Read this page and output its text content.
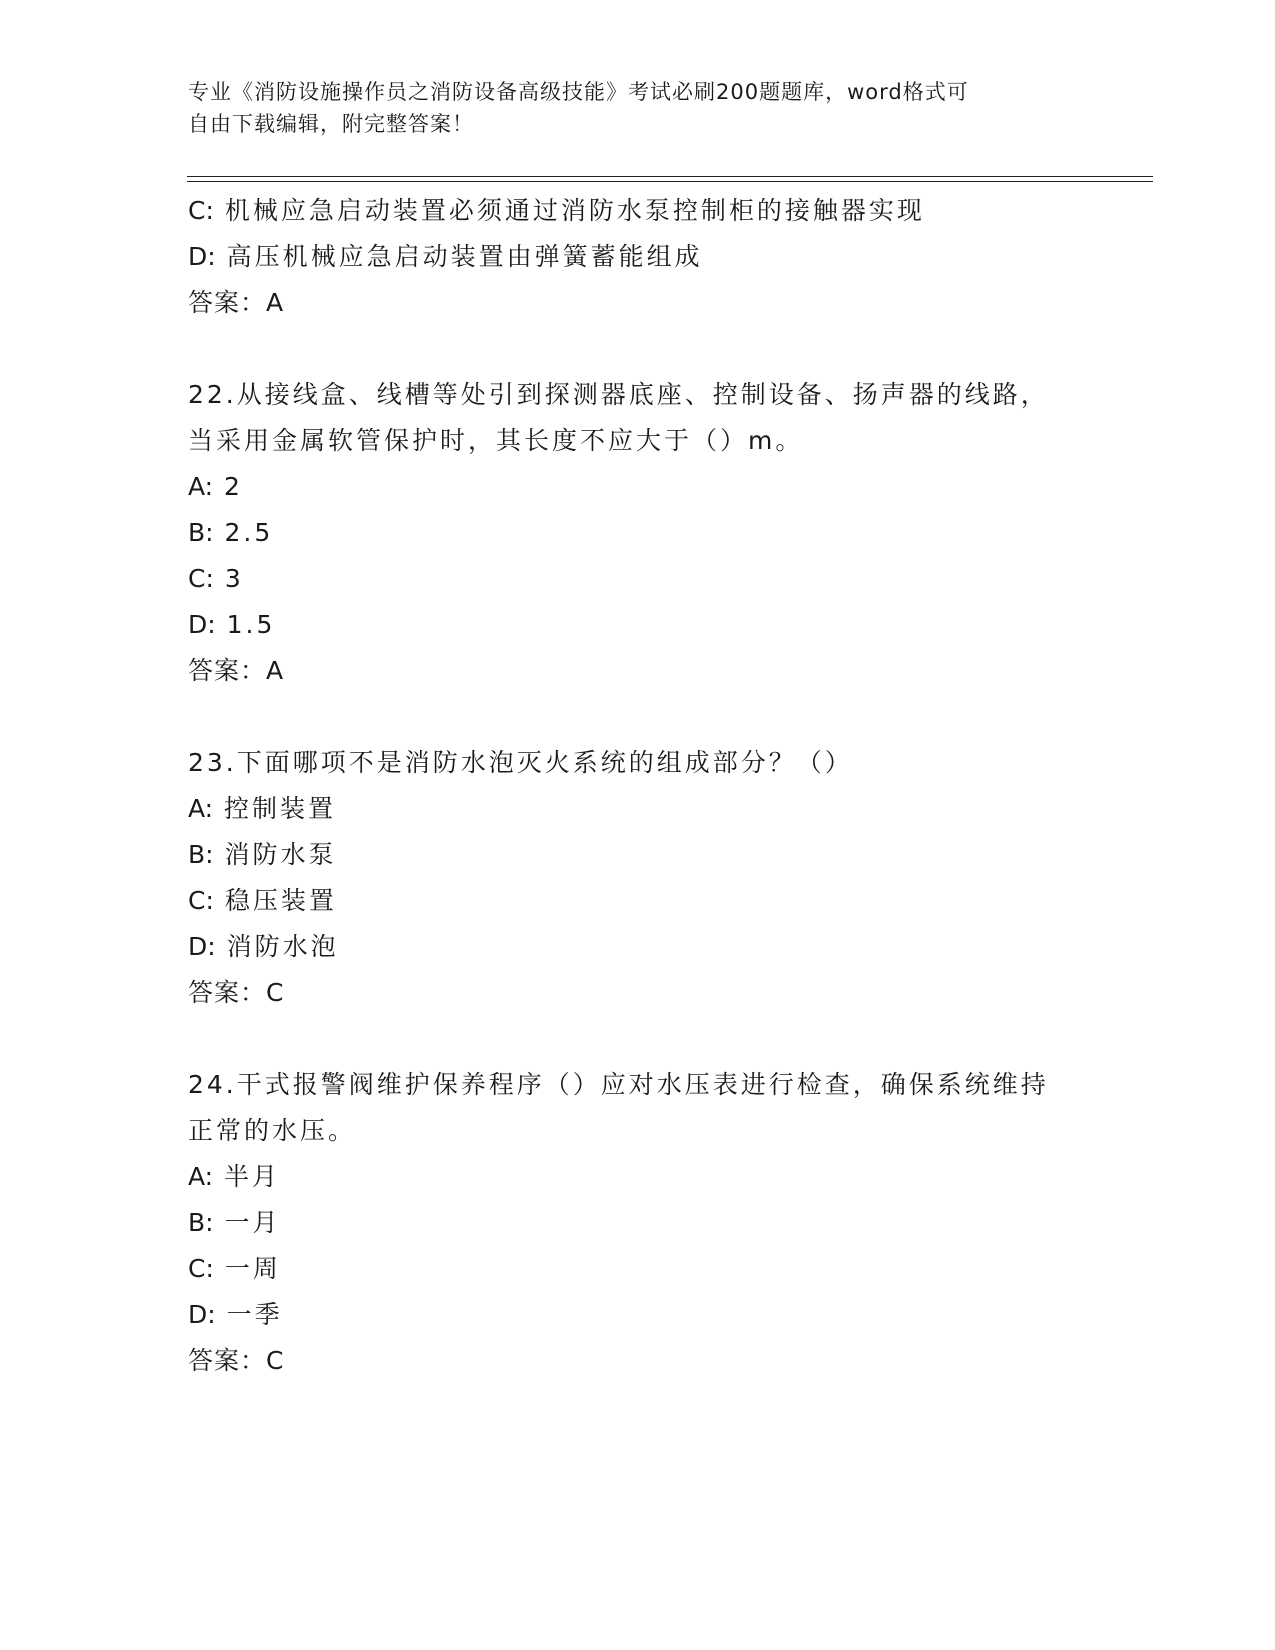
专业《消防设施操作员之消防设备高级技能》考试必刷200题题库，word格式可
自由下载编辑，附完整答案！
C: 机械应急启动装置必须通过消防水泵控制柜的接触器实现
D: 高压机械应急启动装置由弹簧蓄能组成
答案：A
22.从接线盒、线槽等处引到探测器底座、控制设备、扬声器的线路，
当采用金属软管保护时，其长度不应大于（）m。
A: 2
B: 2.5
C: 3
D: 1.5
答案：A
23.下面哪项不是消防水泡灭火系统的组成部分？（）
A: 控制装置
B: 消防水泵
C: 稳压装置
D: 消防水泡
答案：C
24.干式报警阀维护保养程序（）应对水压表进行检查，确保系统维持
正常的水压。
A: 半月
B: 一月
C: 一周
D: 一季
答案：C
